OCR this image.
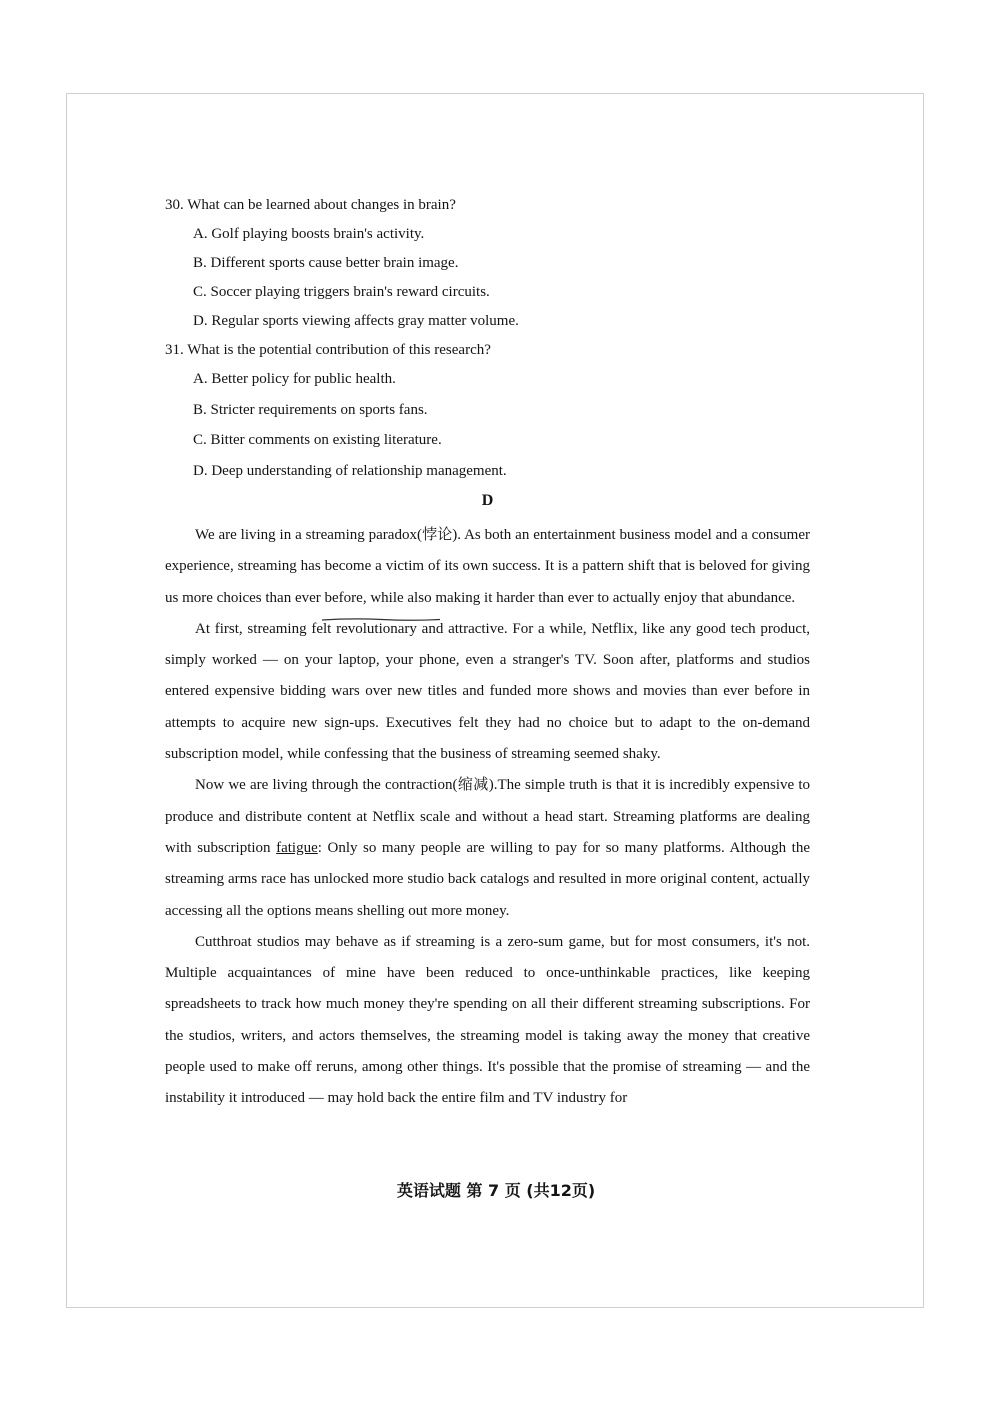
30. What can be learned about changes in brain?

A. Golf playing boosts brain's activity.

B. Different sports cause better brain image.

C. Soccer playing triggers brain's reward circuits.

D. Regular sports viewing affects gray matter volume.

31. What is the potential contribution of this research?

A. Better policy for public health.

B. Stricter requirements on sports fans.

C. Bitter comments on existing literature.

D. Deep understanding of relationship management.

D

We are living in a streaming paradox(悖论). As both an entertainment business model and a consumer experience, streaming has become a victim of its own success. It is a pattern shift that is beloved for giving us more choices than ever before, while also making it harder than ever to actually enjoy that abundance.

At first, streaming felt revolutionary and attractive. For a while, Netflix, like any good tech product, simply worked — on your laptop, your phone, even a stranger's TV. Soon after, platforms and studios entered expensive bidding wars over new titles and funded more shows and movies than ever before in attempts to acquire new sign-ups. Executives felt they had no choice but to adapt to the on-demand subscription model, while confessing that the business of streaming seemed shaky.

Now we are living through the contraction(缩减).The simple truth is that it is incredibly expensive to produce and distribute content at Netflix scale and without a head start. Streaming platforms are dealing with subscription fatigue: Only so many people are willing to pay for so many platforms. Although the streaming arms race has unlocked more studio back catalogs and resulted in more original content, actually accessing all the options means shelling out more money.

Cutthroat studios may behave as if streaming is a zero-sum game, but for most consumers, it's not. Multiple acquaintances of mine have been reduced to once-unthinkable practices, like keeping spreadsheets to track how much money they're spending on all their different streaming subscriptions. For the studios, writers, and actors themselves, the streaming model is taking away the money that creative people used to make off reruns, among other things. It's possible that the promise of streaming — and the instability it introduced — may hold back the entire film and TV industry for

英语试题 第 7 页 (共12页)
